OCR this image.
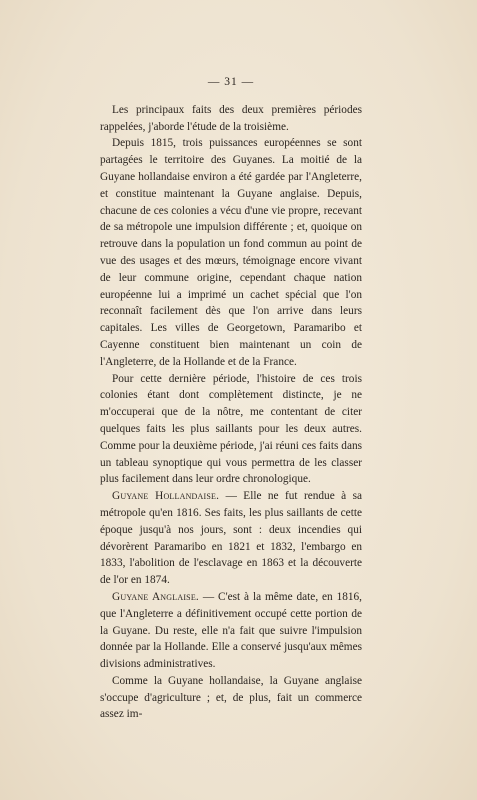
— 31 —

Les principaux faits des deux premières périodes rappelées, j'aborde l'étude de la troisième.

Depuis 1815, trois puissances européennes se sont partagées le territoire des Guyanes. La moitié de la Guyane hollandaise environ a été gardée par l'Angleterre, et constitue maintenant la Guyane anglaise. Depuis, chacune de ces colonies a vécu d'une vie propre, recevant de sa métropole une impulsion différente ; et, quoique on retrouve dans la population un fond commun au point de vue des usages et des mœurs, témoignage encore vivant de leur commune origine, cependant chaque nation européenne lui a imprimé un cachet spécial que l'on reconnaît facilement dès que l'on arrive dans leurs capitales. Les villes de Georgetown, Paramaribo et Cayenne constituent bien maintenant un coin de l'Angleterre, de la Hollande et de la France.

Pour cette dernière période, l'histoire de ces trois colonies étant dont complètement distincte, je ne m'occuperai que de la nôtre, me contentant de citer quelques faits les plus saillants pour les deux autres. Comme pour la deuxième période, j'ai réuni ces faits dans un tableau synoptique qui vous permettra de les classer plus facilement dans leur ordre chronologique.

Guyane Hollandaise. — Elle ne fut rendue à sa métropole qu'en 1816. Ses faits, les plus saillants de cette époque jusqu'à nos jours, sont : deux incendies qui dévorèrent Paramaribo en 1821 et 1832, l'embargo en 1833, l'abolition de l'esclavage en 1863 et la découverte de l'or en 1874.

Guyane Anglaise. — C'est à la même date, en 1816, que l'Angleterre a définitivement occupé cette portion de la Guyane. Du reste, elle n'a fait que suivre l'impulsion donnée par la Hollande. Elle a conservé jusqu'aux mêmes divisions administratives.

Comme la Guyane hollandaise, la Guyane anglaise s'occupe d'agriculture ; et, de plus, fait un commerce assez im-
